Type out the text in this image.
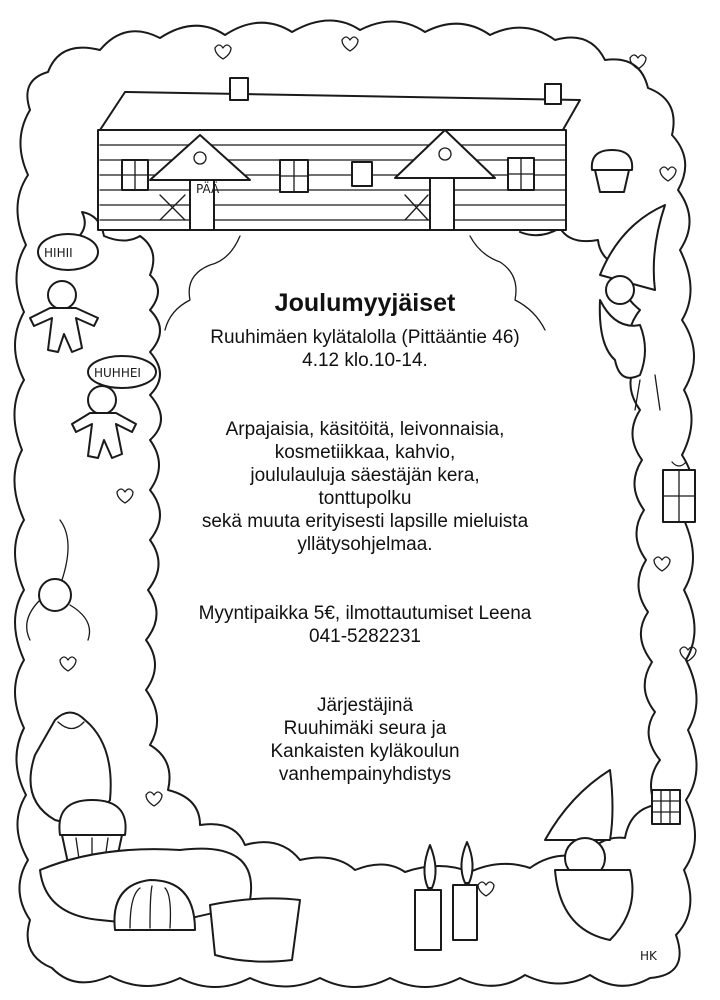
PÄÄ
HIHII
HUHHEI
HK
Joulumyyjäiset

Ruuhimäen kylätalolla (Pittääntie 46)

4.12 klo.10-14.

Arpajaisia, käsitöitä, leivonnaisia,

kosmetiikkaa, kahvio,

joululauluja säestäjän kera,

tonttupolku

sekä muuta erityisesti lapsille mieluista

yllätysohjelmaa.

Myyntipaikka 5€, ilmottautumiset Leena

041-5282231

Järjestäjinä

Ruuhimäki seura ja

Kankaisten kyläkoulun

vanhempainyhdistys
